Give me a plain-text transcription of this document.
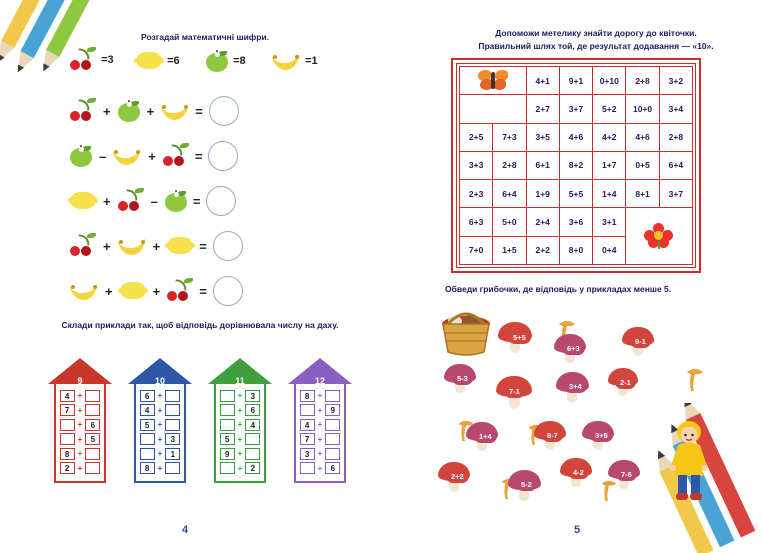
Розгадай математичні шифри.
=3	=6	=8	=1
+	+	=
–	+	=
+	–	=
+	+	=
+	+	=
Склади приклади так, щоб відповідь дорівнювала числу на даху.
9
4	+
7	+
+	6
+	5
8	+
2	+
10
6	+
4	+
5	+
+	3
+	1
8	+
11
+	3
+	6
+	4
5	+
9	+
+	2
12
8	+
+	9
4	+
7	+
3	+
+	6
4
Допоможи метелику знайти дорогу до квіточки.
Правильний шлях той, де результат додавання — «10».
		4+1	9+1	0+10	2+8	3+2
		2+7	3+7	5+2	10+0	3+4
2+5	7+3	3+5	4+6	4+2	4+6	2+8
3+3	2+8	6+1	8+2	1+7	0+5	6+4
2+3	6+4	1+9	5+5	1+4	8+1	3+7
6+3	5+0	2+4	3+6	3+1		

7+0	1+5	2+2	8+0	0+4		
Обведи грибочки, де відповідь у прикладах менше 5.
5+5
6+3
9-1
5-3
7-1
3+4	2-1
1+4	8-7	3+5
2+2
5-2
4-2	7-6
5
